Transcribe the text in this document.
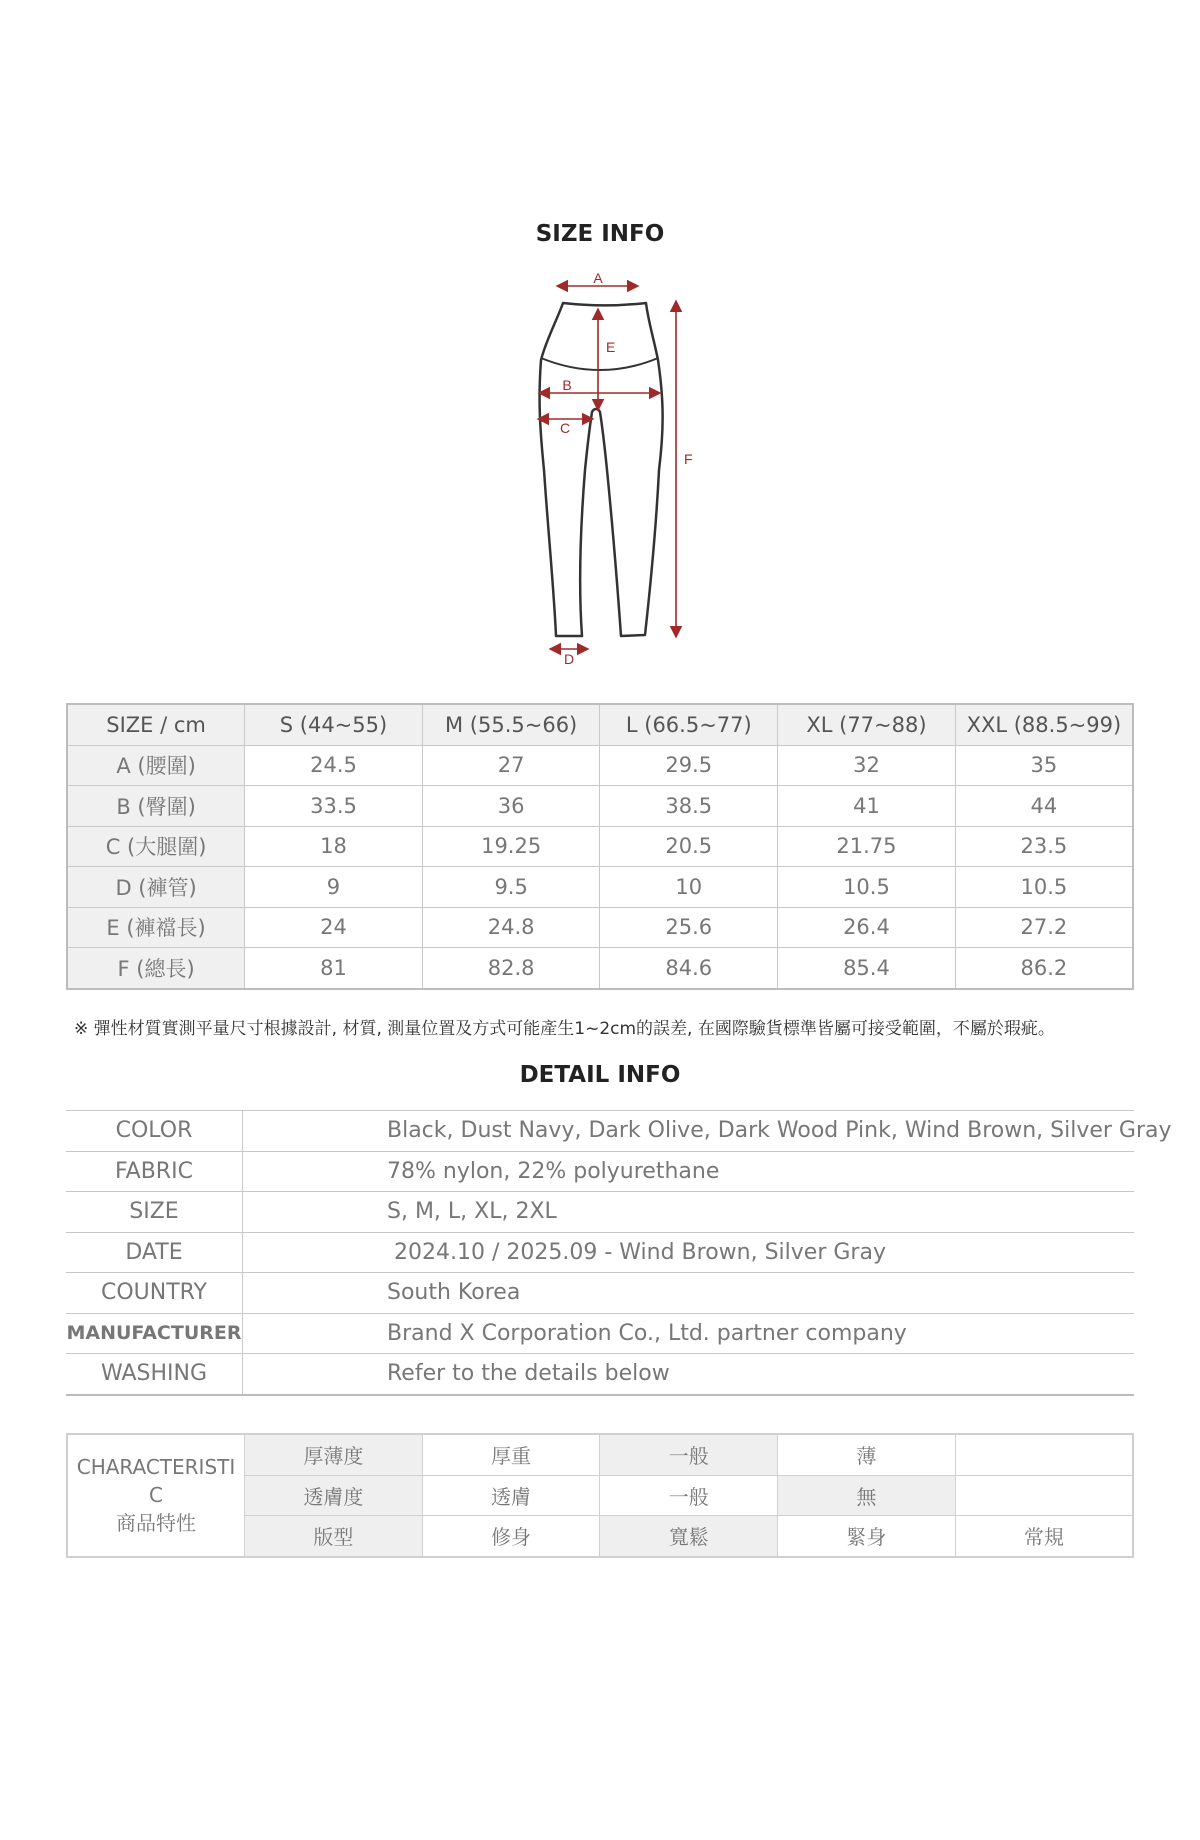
SIZE INFO
A
E
B
C
F
D
SIZE / cm	S (44~55)	M (55.5~66)	L (66.5~77)	XL (77~88)	XXL (88.5~99)
A (腰圍)	24.5	27	29.5	32	35
B (臀圍)	33.5	36	38.5	41	44
C (大腿圍)	18	19.25	20.5	21.75	23.5
D (褲管)	9	9.5	10	10.5	10.5
E (褲襠長)	24	24.8	25.6	26.4	27.2
F (總長)	81	82.8	84.6	85.4	86.2
※ 彈性材質實測平量尺寸根據設計, 材質, 測量位置及方式可能產生1~2cm的誤差, 在國際驗貨標準皆屬可接受範圍，不屬於瑕疵。
DETAIL INFO
COLOR	Black, Dust Navy, Dark Olive, Dark Wood Pink, Wind Brown, Silver Gray
FABRIC	78% nylon, 22% polyurethane
SIZE	S, M, L, XL, 2XL
DATE	2024.10 / 2025.09 - Wind Brown, Silver Gray
COUNTRY	South Korea
MANUFACTURER	Brand X Corporation Co., Ltd. partner company
WASHING	Refer to the details below
CHARACTERISTIC
商品特性	厚薄度	厚重	一般	薄	
	透膚度	透膚	一般	無	
	版型	修身	寬鬆	緊身	常規
